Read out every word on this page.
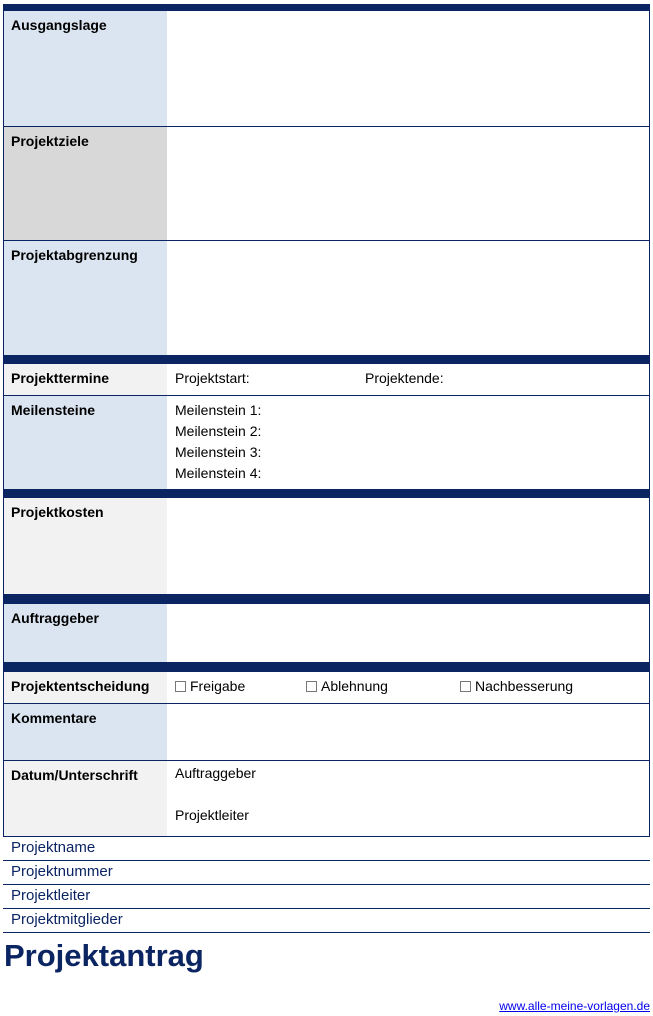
Ausgangslage
Projektziele
Projektabgrenzung
Projekttermine	Projektstart:	Projektende:
Meilensteine	Meilenstein 1:
Meilenstein 2:
Meilenstein 3:
Meilenstein 4:
Projektkosten
Auftraggeber
Projektentscheidung	Freigabe	Ablehnung	Nachbesserung
Kommentare
Datum/Unterschrift	Auftraggeber
Projektleiter
Projektname
Projektnummer
Projektleiter
Projektmitglieder
Projektantrag
www.alle-meine-vorlagen.de
